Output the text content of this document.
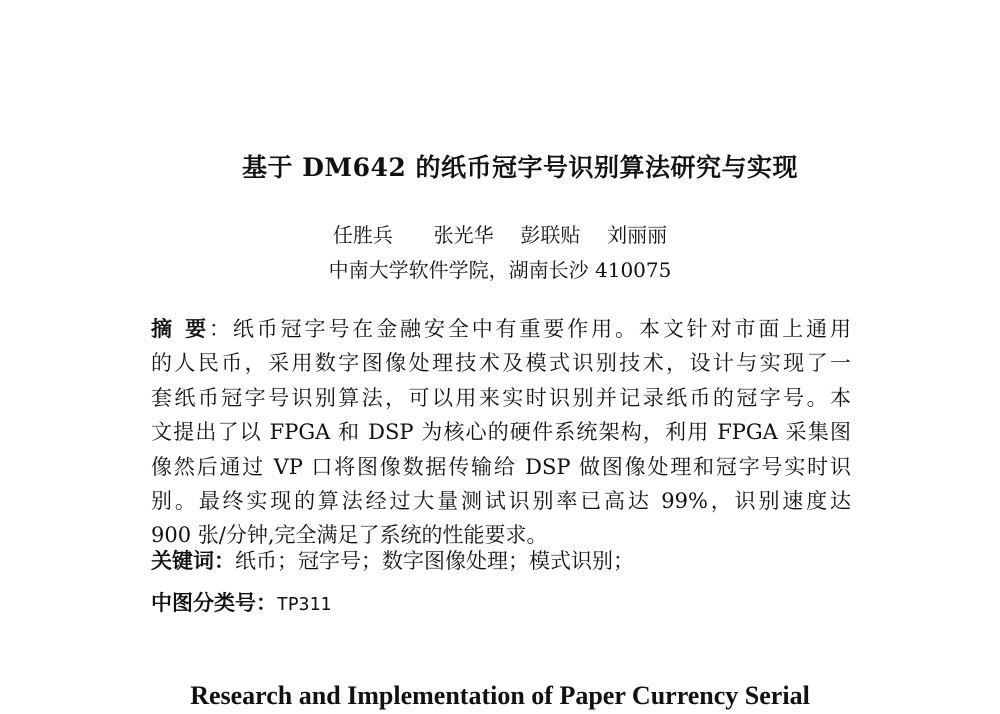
基于 DM642 的纸币冠字号识别算法研究与实现
任胜兵 张光华 彭联贴 刘丽丽
中南大学软件学院，湖南长沙 410075
摘 要：纸币冠字号在金融安全中有重要作用。本文针对市面上通用
的人民币，采用数字图像处理技术及模式识别技术，设计与实现了一
套纸币冠字号识别算法，可以用来实时识别并记录纸币的冠字号。本
文提出了以 FPGA 和 DSP 为核心的硬件系统架构，利用 FPGA 采集图
像然后通过 VP 口将图像数据传输给 DSP 做图像处理和冠字号实时识
别。最终实现的算法经过大量测试识别率已高达 99%，识别速度达
900 张/分钟,完全满足了系统的性能要求。
关键词：纸币；冠字号；数字图像处理；模式识别；
中图分类号：TP311
Research and Implementation of Paper Currency Serial
